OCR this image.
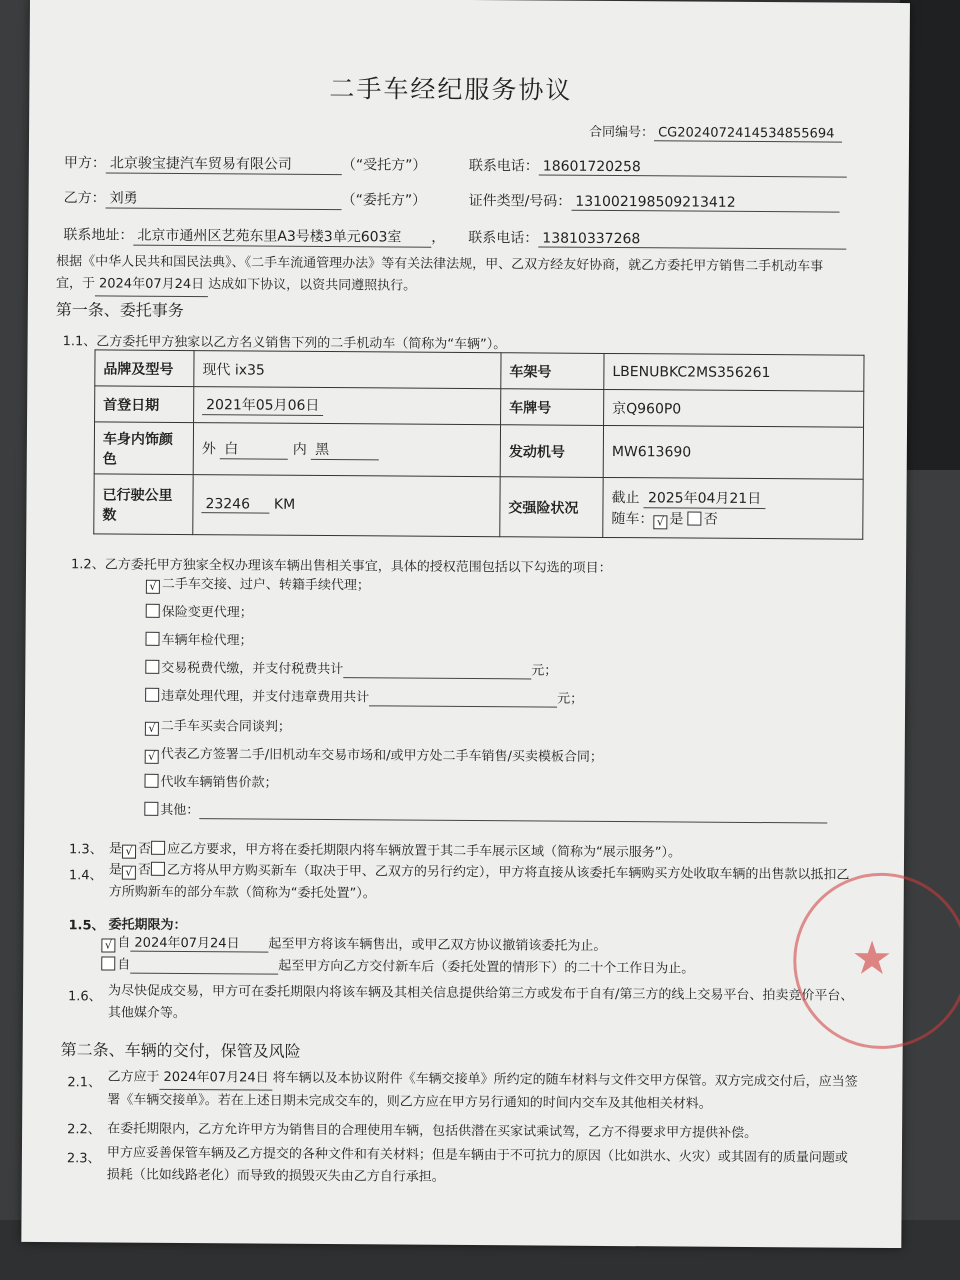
二手车经纪服务协议
合同编号： CG2024072414534855694
甲方： 北京骏宝捷汽车贸易有限公司	（“受托方”）	联系电话： 18601720258
乙方： 刘勇	（“委托方”）	证件类型/号码： 131002198509213412
联系地址： 北京市通州区艺苑东里A3号楼3单元603室 ， 联系电话： 13810337268
根据《中华人民共和国民法典》、《二手车流通管理办法》等有关法律法规，甲、乙双方经友好协商，就乙方委托甲方销售二手机动车事
宜，于 2024年07月24日 达成如下协议，以资共同遵照执行。
第一条、委托事务
1.1、乙方委托甲方独家以乙方名义销售下列的二手机动车（简称为“车辆”）。
品牌及型号	现代 ix35	车架号	LBENUBKC2MS356261
首登日期	2021年05月06日	车牌号	京Q960P0
车身内饰颜色	外 白 内 黑	发动机号	MW613690
已行驶公里数	23246 KM	交强险状况	截止 2025年04月21日
随车： √ 是 否
1.2、乙方委托甲方独家全权办理该车辆出售相关事宜，具体的授权范围包括以下勾选的项目：
√ 二手车交接、过户、转籍手续代理；
保险变更代理；
车辆年检代理；
交易税费代缴，并支付税费共计	元；
违章处理代理，并支付违章费用共计	元；
√ 二手车买卖合同谈判；
√ 代表乙方签署二手/旧机动车交易市场和/或甲方处二手车销售/买卖模板合同；
代收车辆销售价款；
其他：
1.3、 是 √ 否 应乙方要求，甲方将在委托期限内将车辆放置于其二手车展示区域（简称为“展示服务”）。
1.4、 是 √ 否 乙方将从甲方购买新车（取决于甲、乙双方的另行约定），甲方将直接从该委托车辆购买方处收取车辆的出售款以抵扣乙
方所购新车的部分车款（简称为“委托处置”）。
1.5、 委托期限为：
√ 自 2024年07月24日 起至甲方将该车辆售出，或甲乙双方协议撤销该委托为止。
自	起至甲方向乙方交付新车后（委托处置的情形下）的二十个工作日为止。
1.6、 为尽快促成交易，甲方可在委托期限内将该车辆及其相关信息提供给第三方或发布于自有/第三方的线上交易平台、拍卖竞价平台、
其他媒介等。
第二条、车辆的交付，保管及风险
2.1、 乙方应于 2024年07月24日 将车辆以及本协议附件《车辆交接单》所约定的随车材料与文件交甲方保管。双方完成交付后，应当签
署《车辆交接单》。若在上述日期未完成交车的，则乙方应在甲方另行通知的时间内交车及其他相关材料。
2.2、 在委托期限内，乙方允许甲方为销售目的合理使用车辆，包括供潜在买家试乘试驾，乙方不得要求甲方提供补偿。
2.3、 甲方应妥善保管车辆及乙方提交的各种文件和有关材料；但是车辆由于不可抗力的原因（比如洪水、火灾）或其固有的质量问题或
损耗（比如线路老化）而导致的损毁灭失由乙方自行承担。
★
